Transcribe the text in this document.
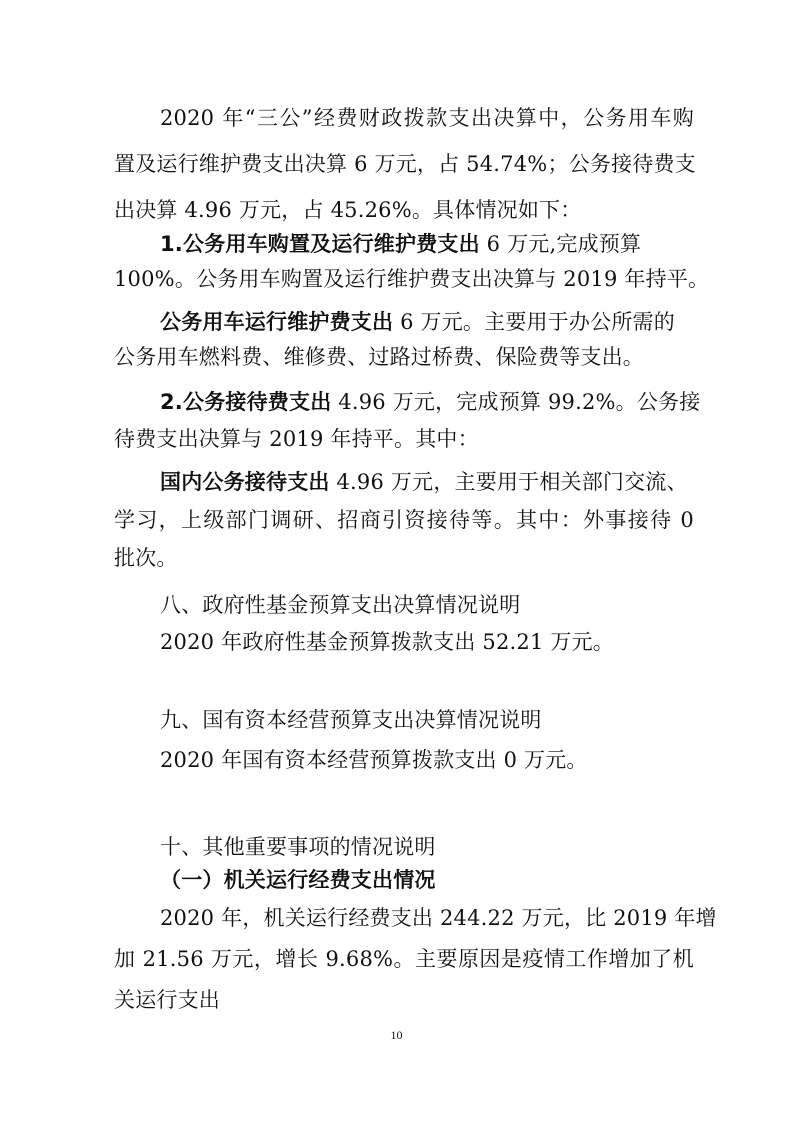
2020 年“三公”经费财政拨款支出决算中，公务用车购
置及运行维护费支出决算 6 万元，占 54.74%；公务接待费支
出决算 4.96 万元，占 45.26%。具体情况如下：
1.公务用车购置及运行维护费支出 6 万元,完成预算
100%。公务用车购置及运行维护费支出决算与 2019 年持平。
公务用车运行维护费支出 6 万元。主要用于办公所需的
公务用车燃料费、维修费、过路过桥费、保险费等支出。
2.公务接待费支出 4.96 万元，完成预算 99.2%。公务接
待费支出决算与 2019 年持平。其中：
国内公务接待支出 4.96 万元，主要用于相关部门交流、
学习，上级部门调研、招商引资接待等。其中：外事接待 0
批次。
八、政府性基金预算支出决算情况说明
2020 年政府性基金预算拨款支出 52.21 万元。
九、国有资本经营预算支出决算情况说明
2020 年国有资本经营预算拨款支出 0 万元。
十、其他重要事项的情况说明
（一）机关运行经费支出情况
2020 年，机关运行经费支出 244.22 万元，比 2019 年增
加 21.56 万元，增长 9.68%。主要原因是疫情工作增加了机
关运行支出
10
